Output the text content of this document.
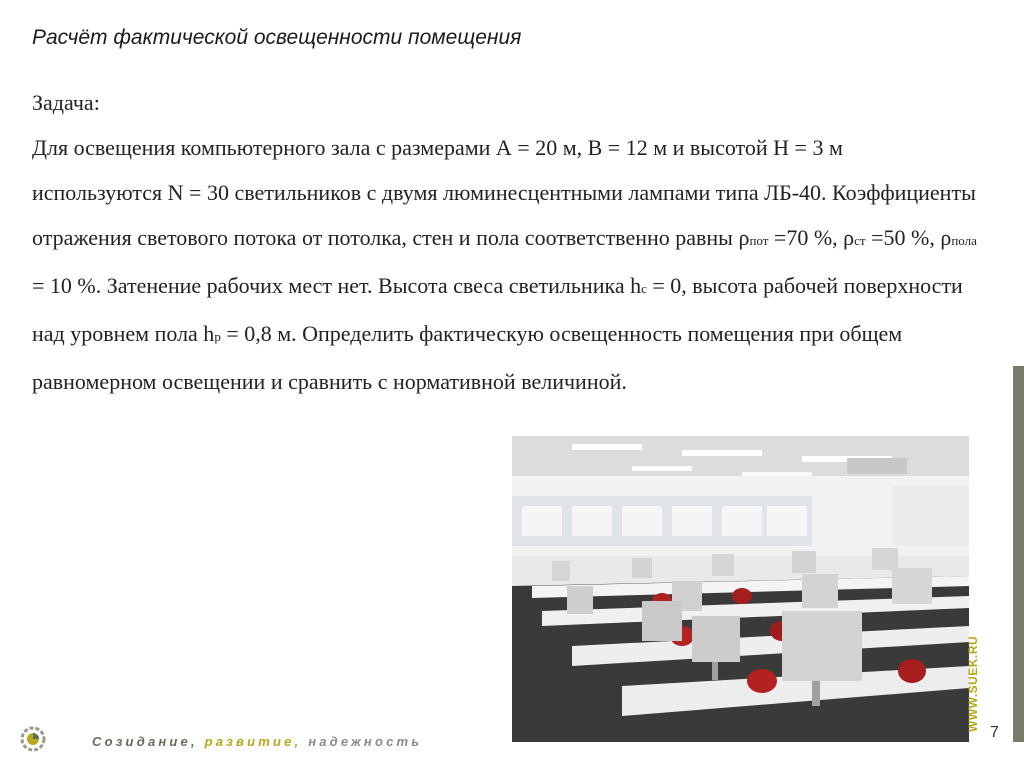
Расчёт фактической освещенности помещения

Задача:

Для освещения компьютерного зала с размерами А = 20 м, В = 12 м и высотой Н = 3 м используются N = 30 светильников с двумя люминесцентными лампами типа ЛБ-40. Коэффициенты отражения светового потока от потолка, стен и пола соответственно равны ρпот =70 %, ρст =50 %, ρпола = 10 %. Затенение рабочих мест нет. Высота свеса светильника hс = 0, высота рабочей поверхности над уровнем пола hр = 0,8 м. Определить фактическую освещенность помещения при общем равномерном освещении и сравнить с нормативной величиной.

WWW.SUEK.RU
7
Созидание, развитие, надежность
